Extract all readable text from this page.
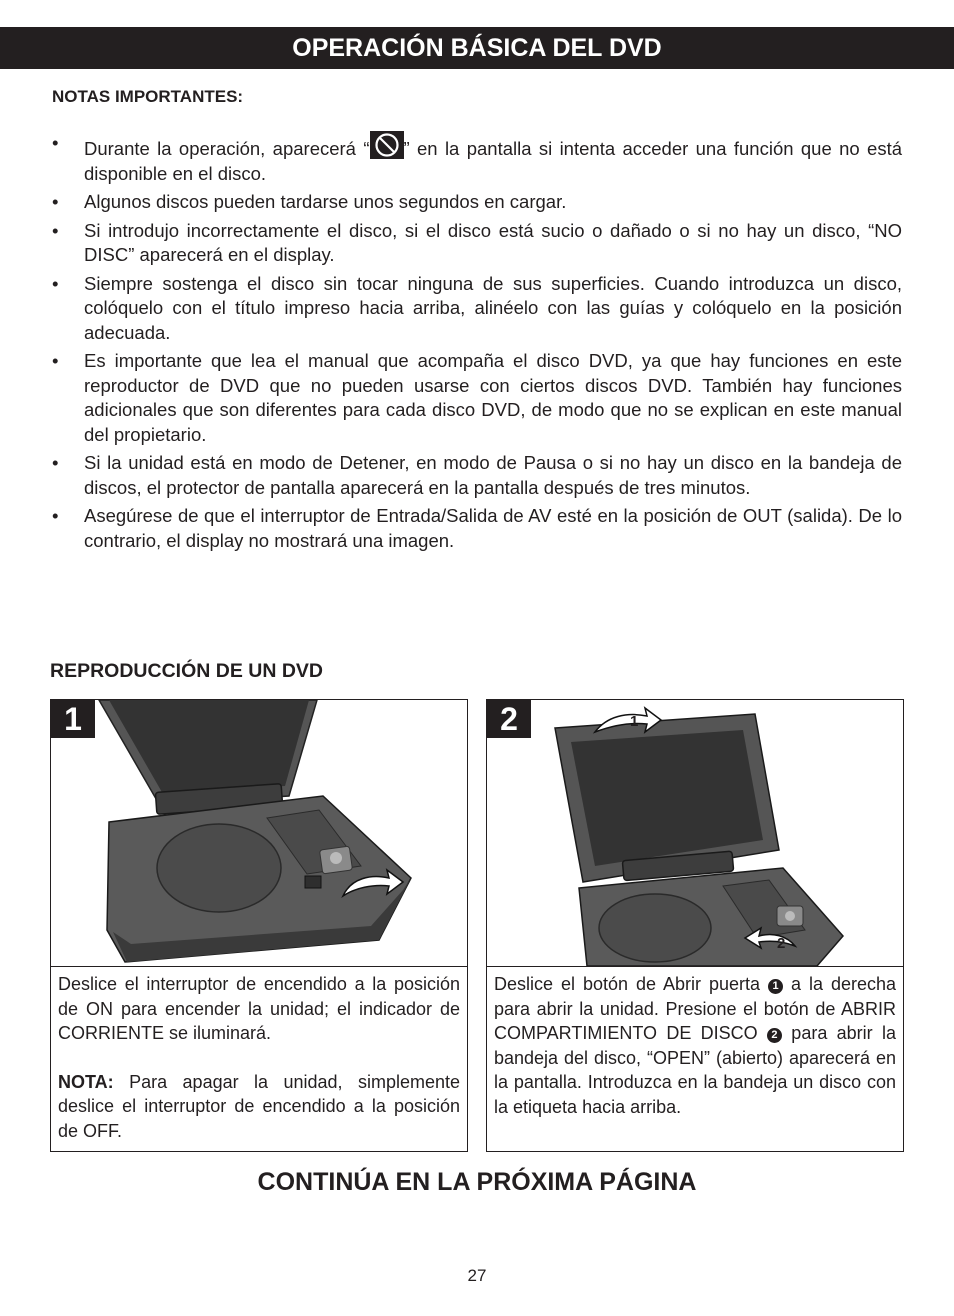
OPERACIÓN BÁSICA DEL DVD
NOTAS IMPORTANTES:
• Durante la operación, aparecerá “ ” en la pantalla si intenta acceder una función que no está disponible en el disco.
• Algunos discos pueden tardarse unos segundos en cargar.
• Si introdujo incorrectamente el disco, si el disco está sucio o dañado o si no hay un disco, “NO DISC” aparecerá en el display.
• Siempre sostenga el disco sin tocar ninguna de sus superficies. Cuando introduzca un disco, colóquelo con el título impreso hacia arriba, alinéelo con las guías y colóquelo en la posición adecuada.
• Es importante que lea el manual que acompaña el disco DVD, ya que hay funciones en este reproductor de DVD que no pueden usarse con ciertos discos DVD. También hay funciones adicionales que son diferentes para cada disco DVD, de modo que no se explican en este manual del propietario.
• Si la unidad está en modo de Detener, en modo de Pausa o si no hay un disco en la bandeja de discos, el protector de pantalla aparecerá en la pantalla después de tres minutos.
• Asegúrese de que el interruptor de Entrada/Salida de AV esté en la posición de OUT (salida). De lo contrario, el display no mostrará una imagen.
REPRODUCCIÓN DE UN DVD
1

Deslice el interruptor de encendido a la posición de ON para encender la unidad; el indicador de CORRIENTE se iluminará.

NOTA: Para apagar la unidad, simplemente deslice el interruptor de encendido a la posición de OFF.

2	1
2

Deslice el botón de Abrir puerta 1 a la derecha para abrir la unidad. Presione el botón de ABRIR COMPARTIMIENTO DE DISCO 2 para abrir la bandeja del disco, “OPEN” (abierto) aparecerá en la pantalla. Introduzca en la bandeja un disco con la etiqueta hacia arriba.

CONTINÚA EN LA PRÓXIMA PÁGINA
27
